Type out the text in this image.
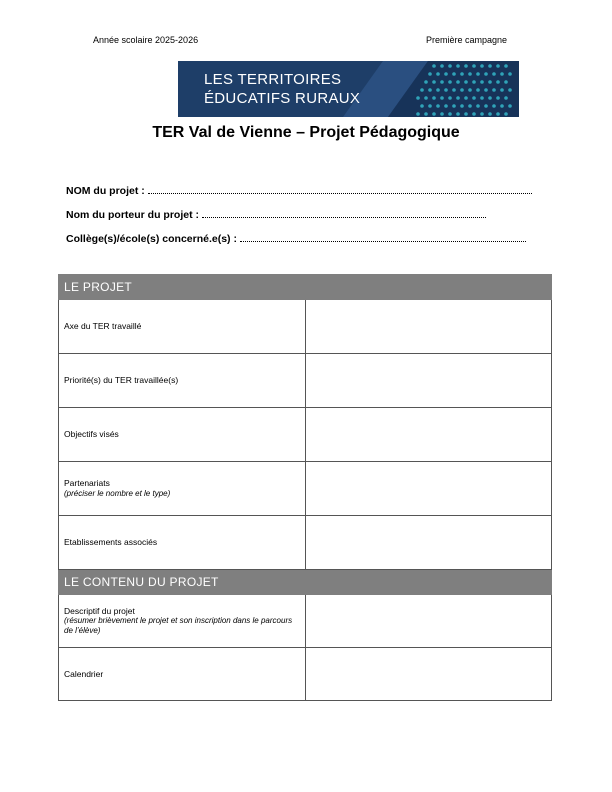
Année scolaire 2025-2026	Première campagne
LES TERRITOIRES
ÉDUCATIFS RURAUX
TER Val de Vienne – Projet Pédagogique
NOM du projet :
Nom du porteur du projet :
Collège(s)/école(s) concerné.e(s) :
LE PROJET	
Axe du TER travaillé	
Priorité(s) du TER travaillée(s)	
Objectifs visés	
Partenariats
(préciser le nombre et le type)	

Etablissements associés	
LE CONTENU DU PROJET	
Descriptif du projet
(résumer brièvement le projet et son inscription dans le parcours de l’élève)	

Calendrier	
